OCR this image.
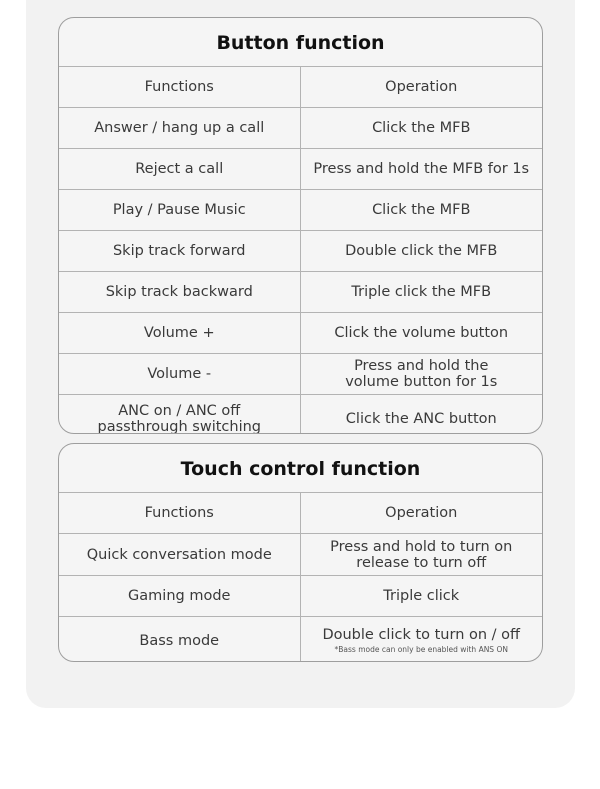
Button function
Functions	Operation
Answer / hang up a call	Click the MFB
Reject a call	Press and hold the MFB for 1s
Play / Pause Music	Click the MFB
Skip track forward	Double click the MFB
Skip track backward	Triple click the MFB
Volume +	Click the volume button
Volume -	Press and hold the
volume button for 1s
ANC on / ANC off
passthrough switching	Click the ANC button
Touch control function
Functions	Operation
Quick conversation mode	Press and hold to turn on
release to turn off
Gaming mode	Triple click
Bass mode	Double click to turn on / off
*Bass mode can only be enabled with ANS ON
